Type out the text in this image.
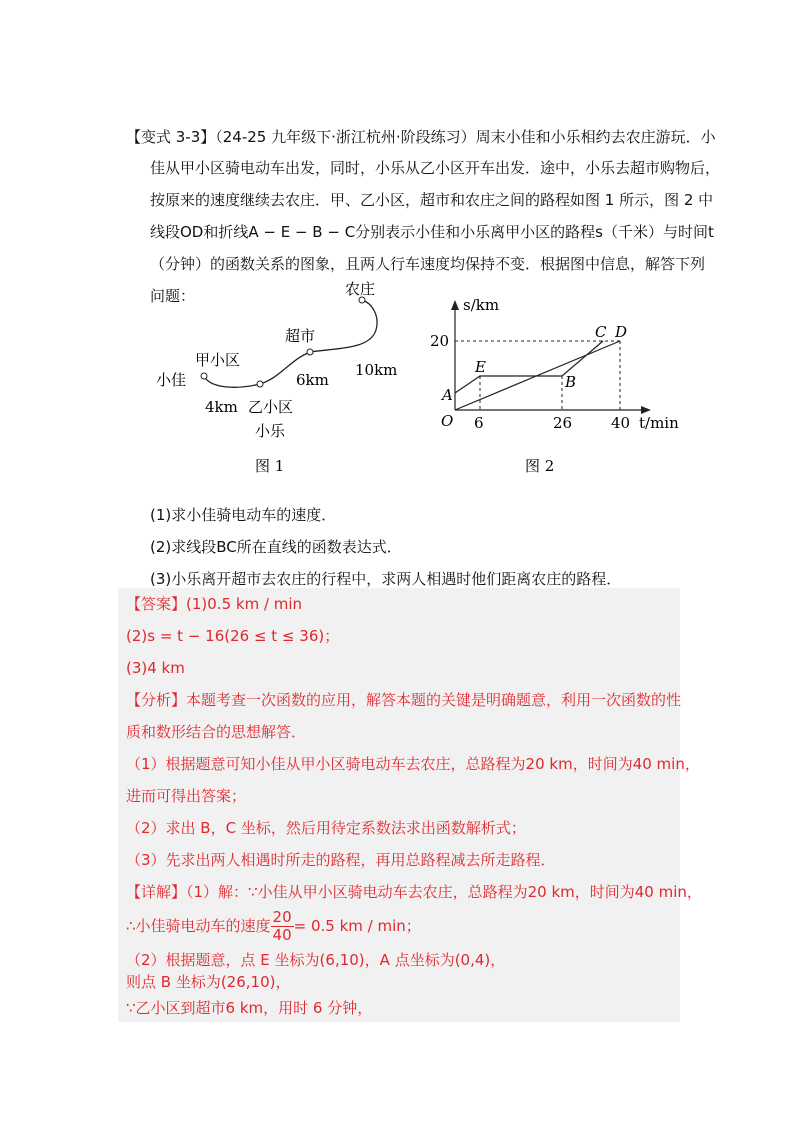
【变式 3-3】（24-25 九年级下·浙江杭州·阶段练习）周末小佳和小乐相约去农庄游玩．小
佳从甲小区骑电动车出发，同时，小乐从乙小区开车出发．途中，小乐去超市购物后，
按原来的速度继续去农庄．甲、乙小区，超市和农庄之间的路程如图 1 所示，图 2 中
线段OD和折线A − E − B − C分别表示小佳和小乐离甲小区的路程s（千米）与时间t
（分钟）的函数关系的图象，且两人行车速度均保持不变．根据图中信息，解答下列
问题：	农庄
超市
甲小区
小佳
4km 乙小区
小乐
6km
10km
图 1
s/km
t/min
O
20
6	26	40
A
E
B
C D
图 2
(1)求小佳骑电动车的速度．
(2)求线段BC所在直线的函数表达式．
(3)小乐离开超市去农庄的行程中，求两人相遇时他们距离农庄的路程．
【答案】(1)0.5 km / min
(2)s = t − 16(26 ≤ t ≤ 36)；
(3)4 km
【分析】本题考查一次函数的应用，解答本题的关键是明确题意，利用一次函数的性
质和数形结合的思想解答．
（1）根据题意可知小佳从甲小区骑电动车去农庄，总路程为20 km，时间为40 min，
进而可得出答案；
（2）求出 B，C 坐标，然后用待定系数法求出函数解析式；
（3）先求出两人相遇时所走的路程，再用总路程减去所走路程．
【详解】（1）解：∵小佳从甲小区骑电动车去农庄，总路程为20 km，时间为40 min，
∴小佳骑电动车的速度 $\frac{20}{40} = 0.5$ km / min；
（2）根据题意，点 E 坐标为(6,10)，A 点坐标为(0,4)，
则点 B 坐标为(26,10)，
∵乙小区到超市6 km，用时 6 分钟，
